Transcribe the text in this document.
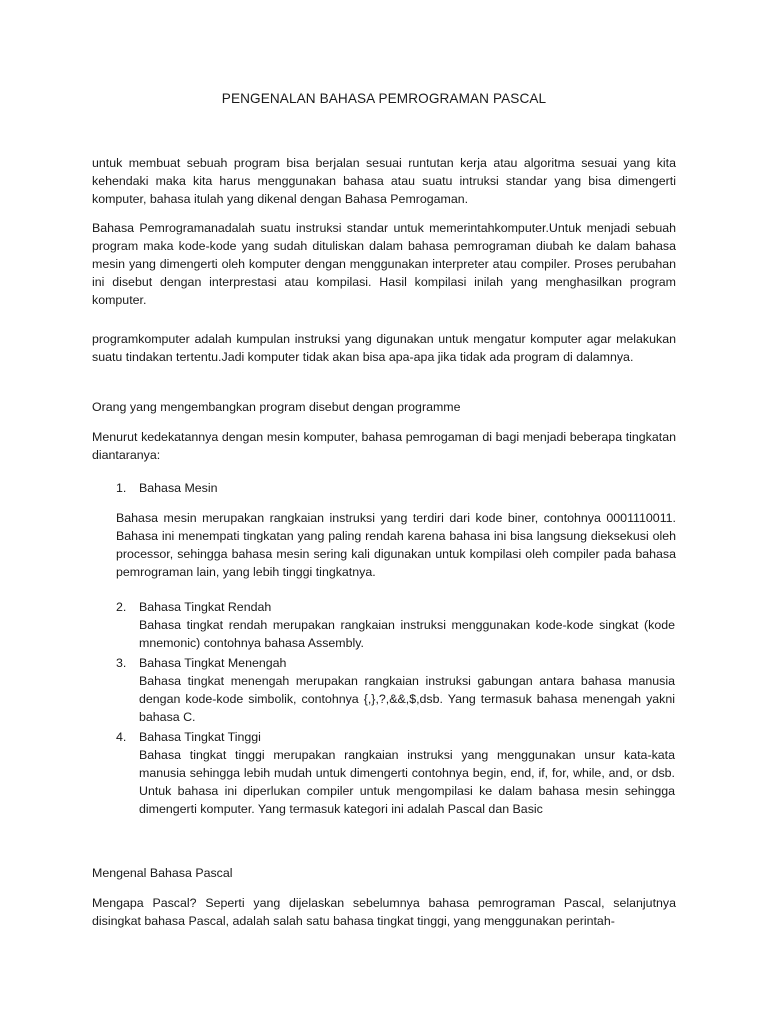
PENGENALAN BAHASA PEMROGRAMAN PASCAL

untuk membuat sebuah program bisa berjalan sesuai runtutan kerja atau algoritma sesuai yang kita kehendaki maka kita harus menggunakan bahasa atau suatu intruksi standar yang bisa dimengerti komputer, bahasa itulah yang dikenal dengan Bahasa Pemrogaman.

Bahasa Pemrogramanadalah suatu instruksi standar untuk memerintahkomputer.Untuk menjadi sebuah program maka kode-kode yang sudah dituliskan dalam bahasa pemrograman diubah ke dalam bahasa mesin yang dimengerti oleh komputer dengan menggunakan interpreter atau compiler. Proses perubahan ini disebut dengan interprestasi atau kompilasi. Hasil kompilasi inilah yang menghasilkan program komputer.

programkomputer adalah kumpulan instruksi yang digunakan untuk mengatur komputer agar melakukan suatu tindakan tertentu.Jadi komputer tidak akan bisa apa-apa jika tidak ada program di dalamnya.

Orang yang mengembangkan program disebut dengan programme

Menurut kedekatannya dengan mesin komputer, bahasa pemrogaman di bagi menjadi beberapa tingkatan diantaranya:

1.	Bahasa Mesin

Bahasa mesin merupakan rangkaian instruksi yang terdiri dari kode biner, contohnya 0001110011. Bahasa ini menempati tingkatan yang paling rendah karena bahasa ini bisa langsung dieksekusi oleh processor, sehingga bahasa mesin sering kali digunakan untuk kompilasi oleh compiler pada bahasa pemrograman lain, yang lebih tinggi tingkatnya.

2.	Bahasa Tingkat Rendah

Bahasa tingkat rendah merupakan rangkaian instruksi menggunakan kode-kode singkat (kode mnemonic) contohnya bahasa Assembly.

3.	Bahasa Tingkat Menengah

Bahasa tingkat menengah merupakan rangkaian instruksi gabungan antara bahasa manusia dengan kode-kode simbolik, contohnya {,},?,&&,$,dsb. Yang termasuk bahasa menengah yakni bahasa C.

4.	Bahasa Tingkat Tinggi

Bahasa tingkat tinggi merupakan rangkaian instruksi yang menggunakan unsur kata-kata manusia sehingga lebih mudah untuk dimengerti contohnya begin, end, if, for, while, and, or dsb. Untuk bahasa ini diperlukan compiler untuk mengompilasi ke dalam bahasa mesin sehingga dimengerti komputer. Yang termasuk kategori ini adalah Pascal dan Basic

Mengenal Bahasa Pascal

Mengapa Pascal? Seperti yang dijelaskan sebelumnya bahasa pemrograman Pascal, selanjutnya disingkat bahasa Pascal, adalah salah satu bahasa tingkat tinggi, yang menggunakan perintah-
